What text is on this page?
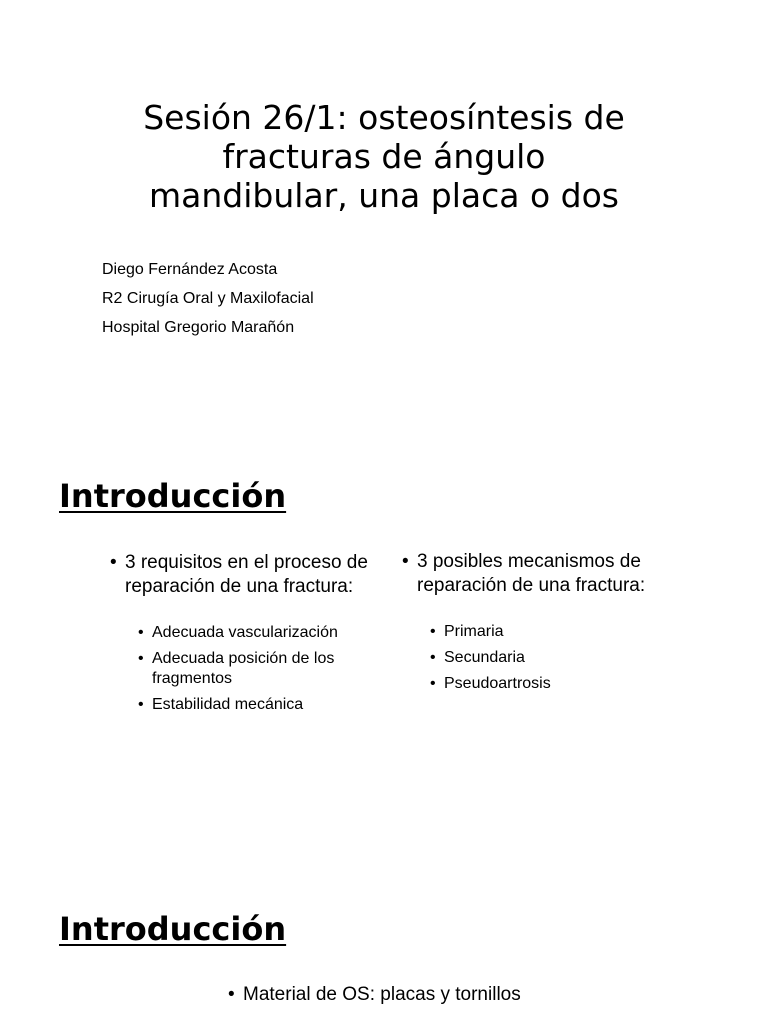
Sesión 26/1: osteosíntesis de
fracturas de ángulo
mandibular, una placa o dos
Diego Fernández Acosta
R2 Cirugía Oral y Maxilofacial
Hospital Gregorio Marañón
Introducción
• 3 requisitos en el proceso de reparación de una fractura:
• Adecuada vascularización
• Adecuada posición de los fragmentos
• Estabilidad mecánica
• 3 posibles mecanismos de reparación de una fractura:
• Primaria
• Secundaria
• Pseudoartrosis
Introducción
• Material de OS: placas y tornillos
